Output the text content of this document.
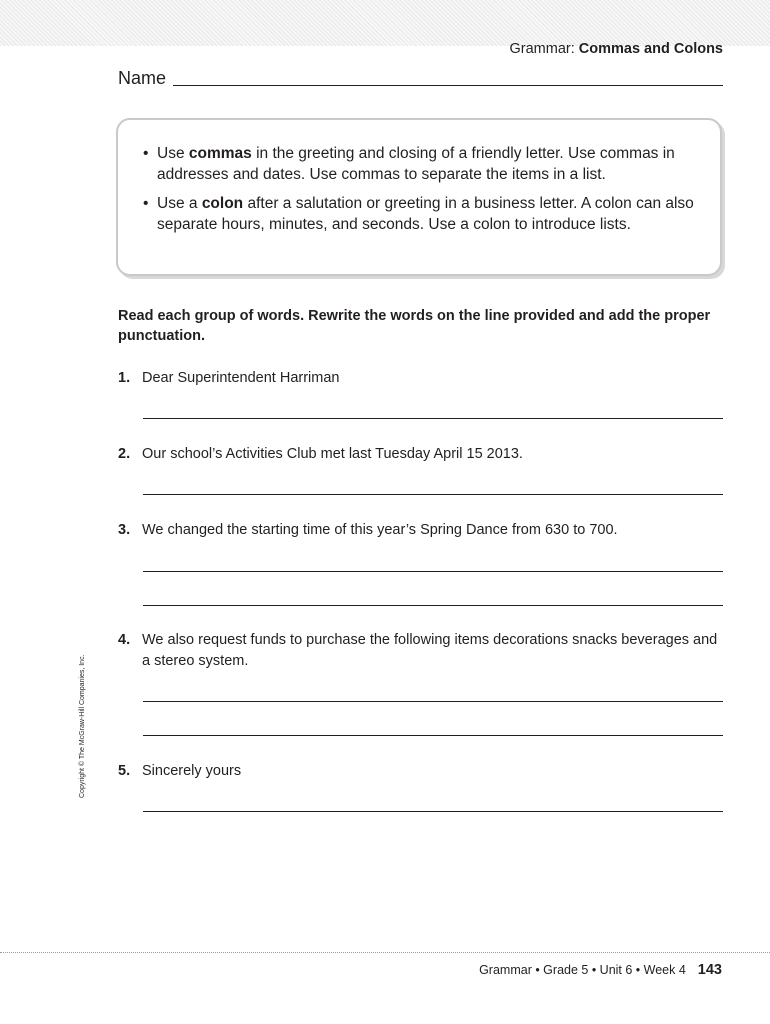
Grammar: Commas and Colons
Name
• Use commas in the greeting and closing of a friendly letter. Use commas in addresses and dates. Use commas to separate the items in a list.
• Use a colon after a salutation or greeting in a business letter. A colon can also separate hours, minutes, and seconds. Use a colon to introduce lists.
Read each group of words. Rewrite the words on the line provided and add the proper punctuation.
1. Dear Superintendent Harriman
2. Our school’s Activities Club met last Tuesday April 15 2013.
3. We changed the starting time of this year’s Spring Dance from 630 to 700.
4. We also request funds to purchase the following items decorations snacks beverages and a stereo system.
5. Sincerely yours
Copyright © The McGraw-Hill Companies, Inc.
Grammar • Grade 5 • Unit 6 • Week 4 143
